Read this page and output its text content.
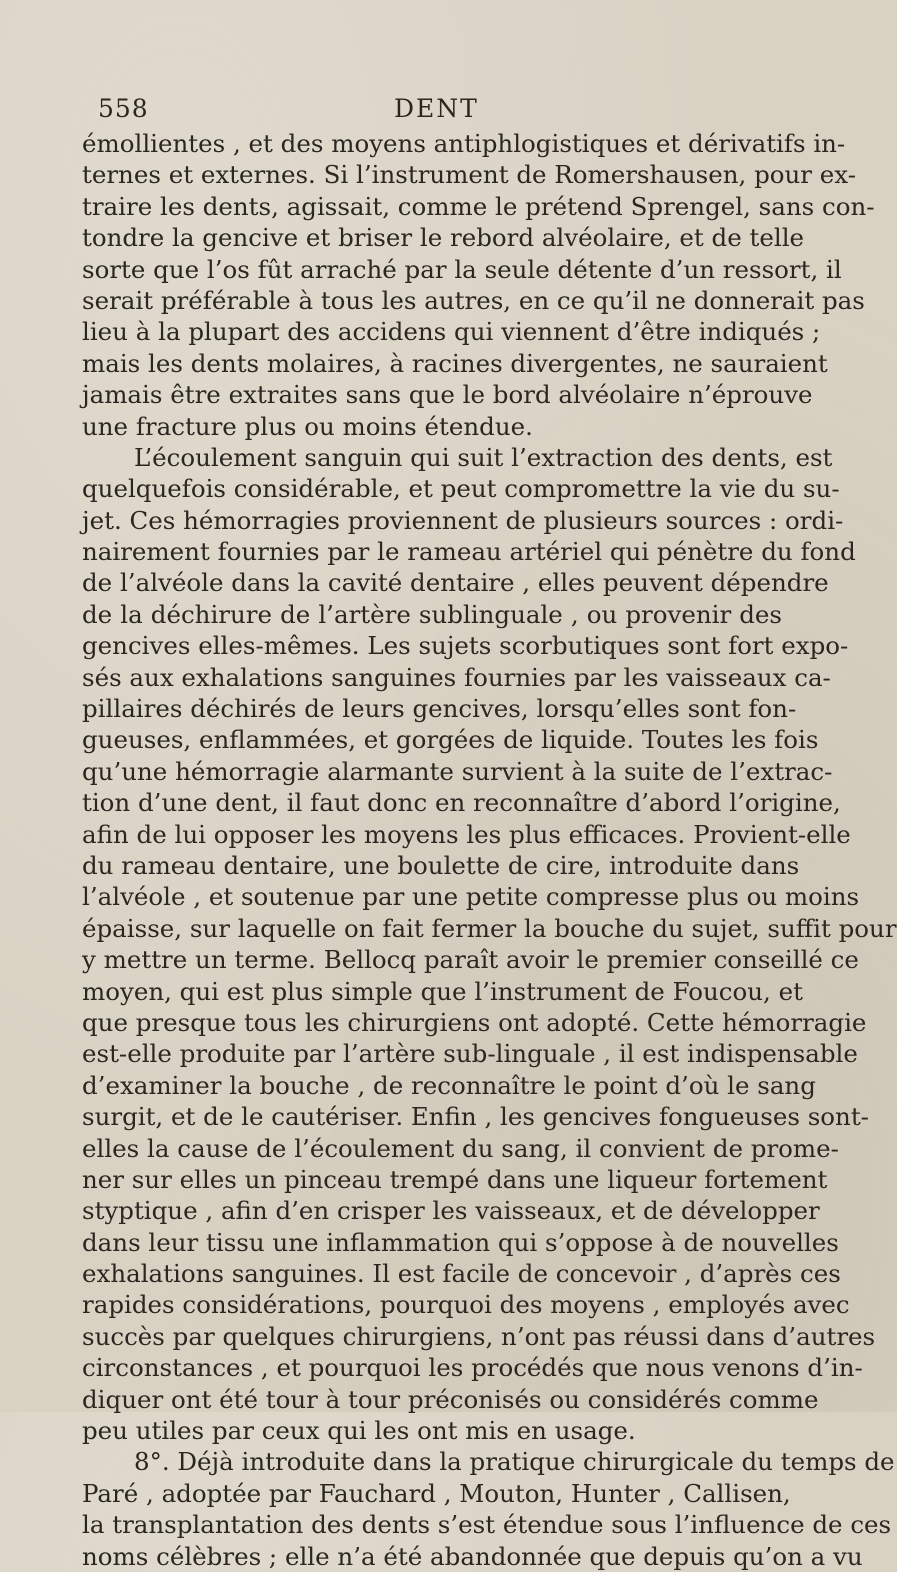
558	DENT
émollientes , et des moyens antiphlogistiques et dérivatifs in-
ternes et externes. Si l’instrument de Romershausen, pour ex-
traire les dents, agissait, comme le prétend Sprengel, sans con-
tondre la gencive et briser le rebord alvéolaire, et de telle
sorte que l’os fût arraché par la seule détente d’un ressort, il
serait préférable à tous les autres, en ce qu’il ne donnerait pas
lieu à la plupart des accidens qui viennent d’être indiqués ;
mais les dents molaires, à racines divergentes, ne sauraient
jamais être extraites sans que le bord alvéolaire n’éprouve
une fracture plus ou moins étendue.
L’écoulement sanguin qui suit l’extraction des dents, est
quelquefois considérable, et peut compromettre la vie du su-
jet. Ces hémorragies proviennent de plusieurs sources : ordi-
nairement fournies par le rameau artériel qui pénètre du fond
de l’alvéole dans la cavité dentaire , elles peuvent dépendre
de la déchirure de l’artère sublinguale , ou provenir des
gencives elles-mêmes. Les sujets scorbutiques sont fort expo-
sés aux exhalations sanguines fournies par les vaisseaux ca-
pillaires déchirés de leurs gencives, lorsqu’elles sont fon-
gueuses, enflammées, et gorgées de liquide. Toutes les fois
qu’une hémorragie alarmante survient à la suite de l’extrac-
tion d’une dent, il faut donc en reconnaître d’abord l’origine,
afin de lui opposer les moyens les plus efficaces. Provient-elle
du rameau dentaire, une boulette de cire, introduite dans
l’alvéole , et soutenue par une petite compresse plus ou moins
épaisse, sur laquelle on fait fermer la bouche du sujet, suffit pour
y mettre un terme. Bellocq paraît avoir le premier conseillé ce
moyen, qui est plus simple que l’instrument de Foucou, et
que presque tous les chirurgiens ont adopté. Cette hémorragie
est-elle produite par l’artère sub-linguale , il est indispensable
d’examiner la bouche , de reconnaître le point d’où le sang
surgit, et de le cautériser. Enfin , les gencives fongueuses sont-
elles la cause de l’écoulement du sang, il convient de prome-
ner sur elles un pinceau trempé dans une liqueur fortement
styptique , afin d’en crisper les vaisseaux, et de développer
dans leur tissu une inflammation qui s’oppose à de nouvelles
exhalations sanguines. Il est facile de concevoir , d’après ces
rapides considérations, pourquoi des moyens , employés avec
succès par quelques chirurgiens, n’ont pas réussi dans d’autres
circonstances , et pourquoi les procédés que nous venons d’in-
diquer ont été tour à tour préconisés ou considérés comme
peu utiles par ceux qui les ont mis en usage.
8°. Déjà introduite dans la pratique chirurgicale du temps de
Paré , adoptée par Fauchard , Mouton, Hunter , Callisen,
la transplantation des dents s’est étendue sous l’influence de ces
noms célèbres ; elle n’a été abandonnée que depuis qu’on a vu
